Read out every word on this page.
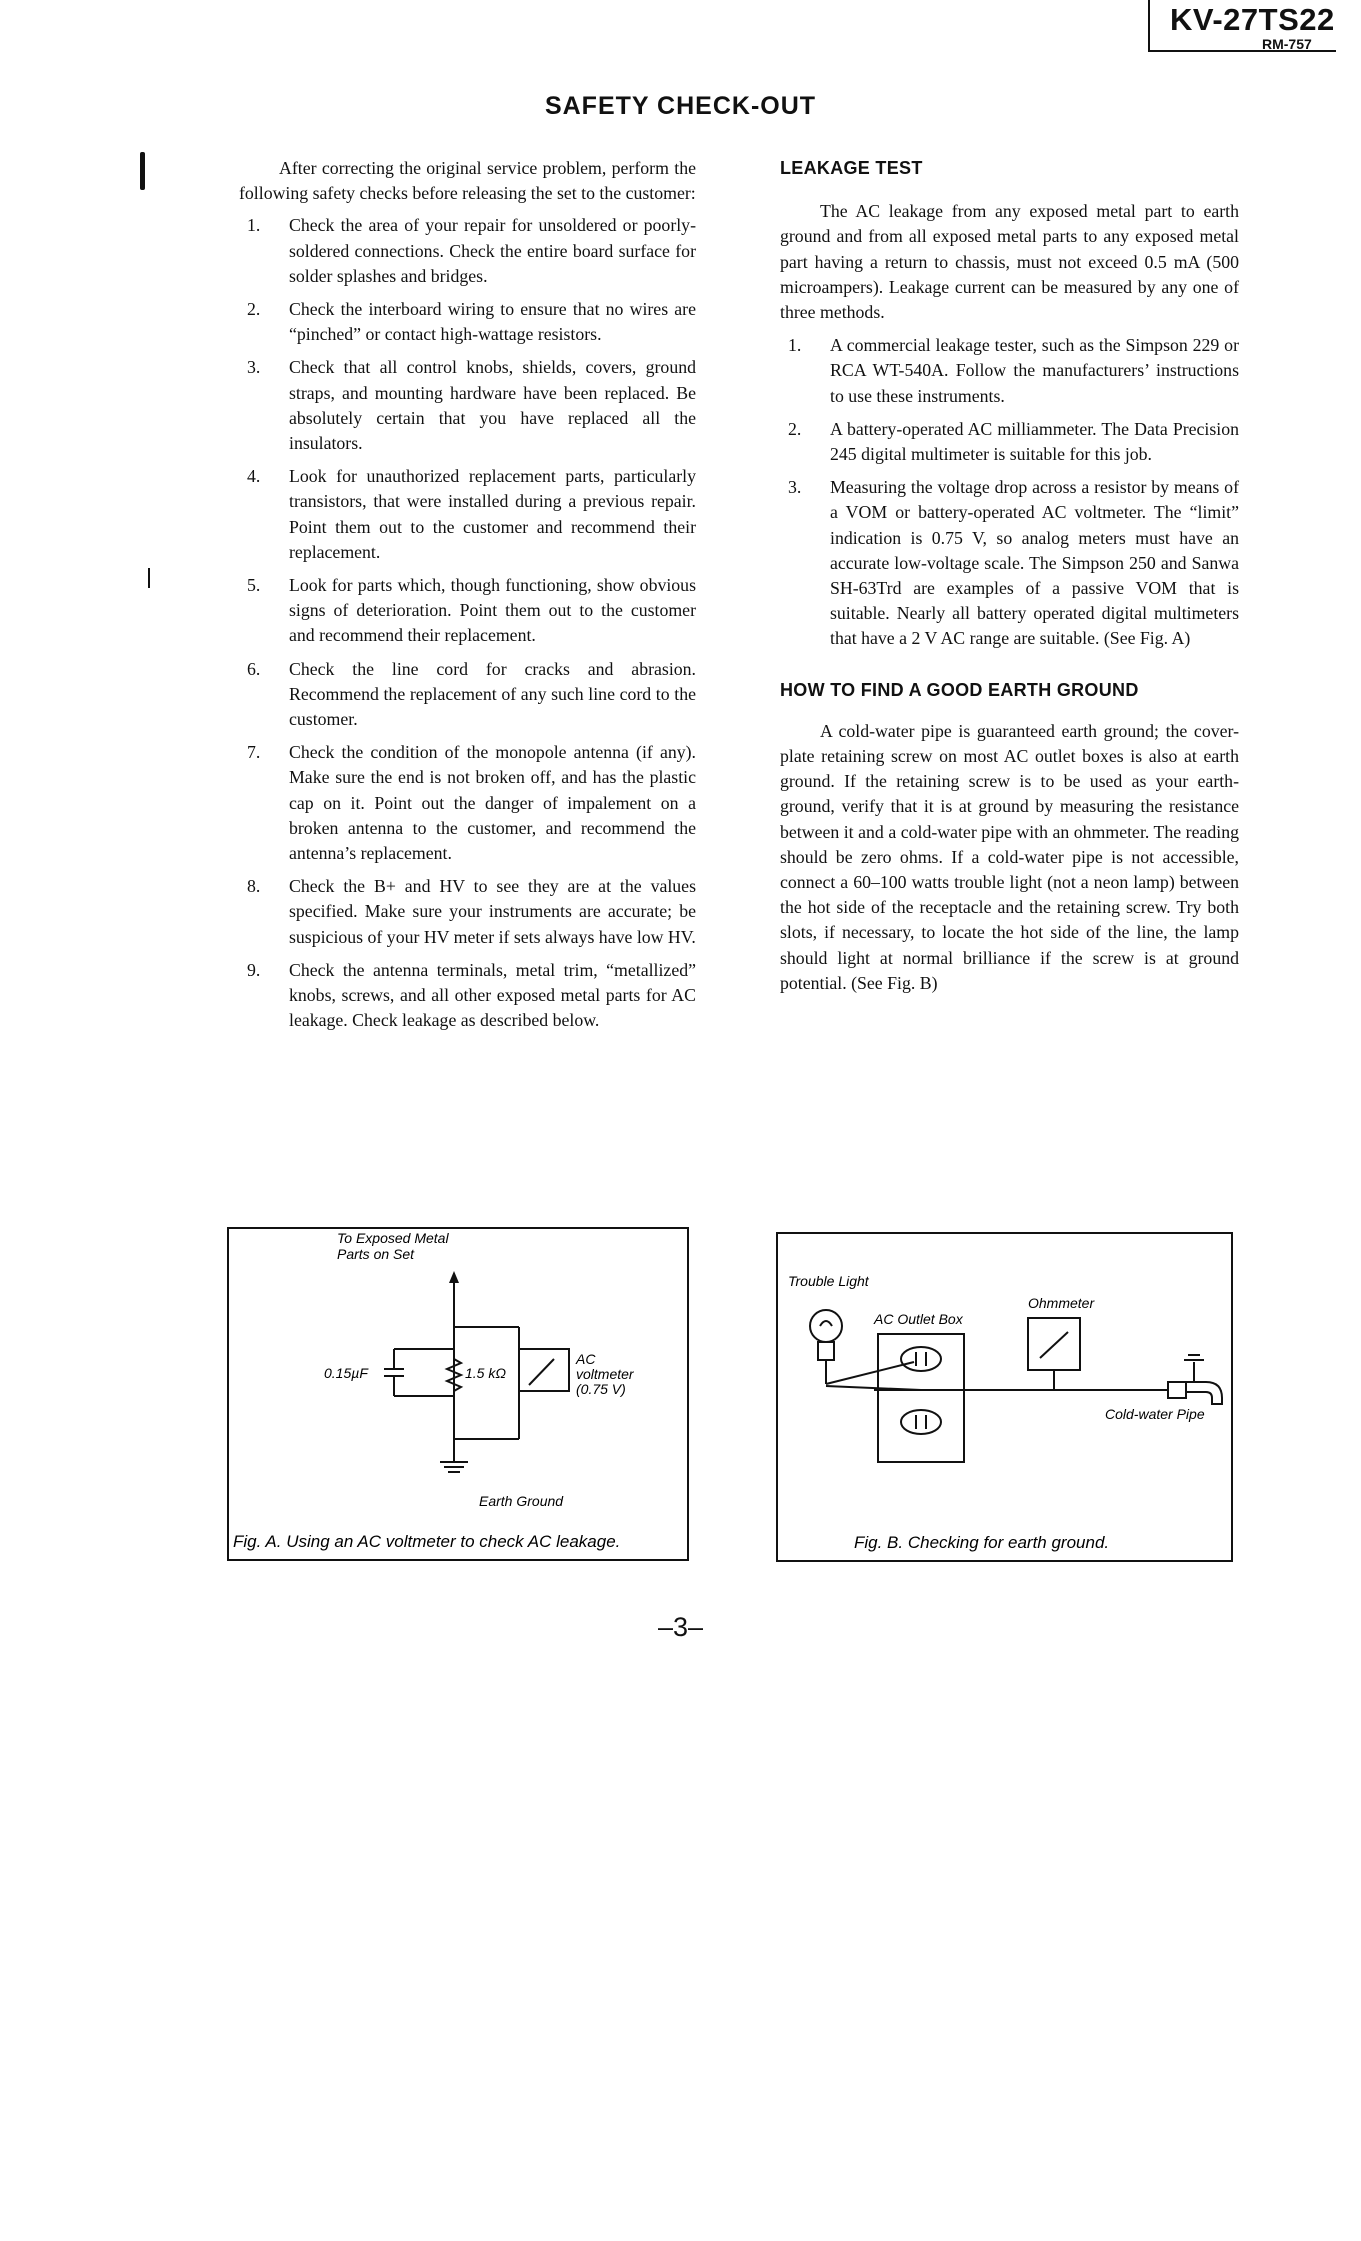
KV-27TS22
RM-757
SAFETY CHECK-OUT

After correcting the original service problem, perform the following safety checks before releasing the set to the customer:

1. Check the area of your repair for unsoldered or poorly-soldered connections. Check the entire board surface for solder splashes and bridges.
2. Check the interboard wiring to ensure that no wires are “pinched” or contact high-wattage resistors.
3. Check that all control knobs, shields, covers, ground straps, and mounting hardware have been replaced. Be absolutely certain that you have replaced all the insulators.
4. Look for unauthorized replacement parts, particularly transistors, that were installed during a previous repair. Point them out to the customer and recommend their replacement.
5. Look for parts which, though functioning, show obvious signs of deterioration. Point them out to the customer and recommend their replacement.
6. Check the line cord for cracks and abrasion. Recommend the replacement of any such line cord to the customer.
7. Check the condition of the monopole antenna (if any). Make sure the end is not broken off, and has the plastic cap on it. Point out the danger of impalement on a broken antenna to the customer, and recommend the antenna’s replacement.
8. Check the B+ and HV to see they are at the values specified. Make sure your instruments are accurate; be suspicious of your HV meter if sets always have low HV.
9. Check the antenna terminals, metal trim, “metallized” knobs, screws, and all other exposed metal parts for AC leakage. Check leakage as described below.
LEAKAGE TEST

The AC leakage from any exposed metal part to earth ground and from all exposed metal parts to any exposed metal part having a return to chassis, must not exceed 0.5 mA (500 microampers). Leakage current can be measured by any one of three methods.

1. A commercial leakage tester, such as the Simpson 229 or RCA WT-540A. Follow the manufacturers’ instructions to use these instruments.
2. A battery-operated AC milliammeter. The Data Precision 245 digital multimeter is suitable for this job.
3. Measuring the voltage drop across a resistor by means of a VOM or battery-operated AC voltmeter. The “limit” indication is 0.75 V, so analog meters must have an accurate low-voltage scale. The Simpson 250 and Sanwa SH-63Trd are examples of a passive VOM that is suitable. Nearly all battery operated digital multimeters that have a 2 V AC range are suitable. (See Fig. A)
HOW TO FIND A GOOD EARTH GROUND

A cold-water pipe is guaranteed earth ground; the cover-plate retaining screw on most AC outlet boxes is also at earth ground. If the retaining screw is to be used as your earth-ground, verify that it is at ground by measuring the resistance between it and a cold-water pipe with an ohmmeter. The reading should be zero ohms. If a cold-water pipe is not accessible, connect a 60–100 watts trouble light (not a neon lamp) between the hot side of the receptacle and the retaining screw. Try both slots, if necessary, to locate the hot side of the line, the lamp should light at normal brilliance if the screw is at ground potential. (See Fig. B)

To Exposed Metal
Parts on Set
0.15µF	1.5 kΩ
AC
voltmeter
(0.75 V)
Earth Ground
Fig. A. Using an AC voltmeter to check AC leakage.
Trouble Light
AC Outlet Box
Ohmmeter
Cold-water Pipe
Fig. B. Checking for earth ground.
–3–
